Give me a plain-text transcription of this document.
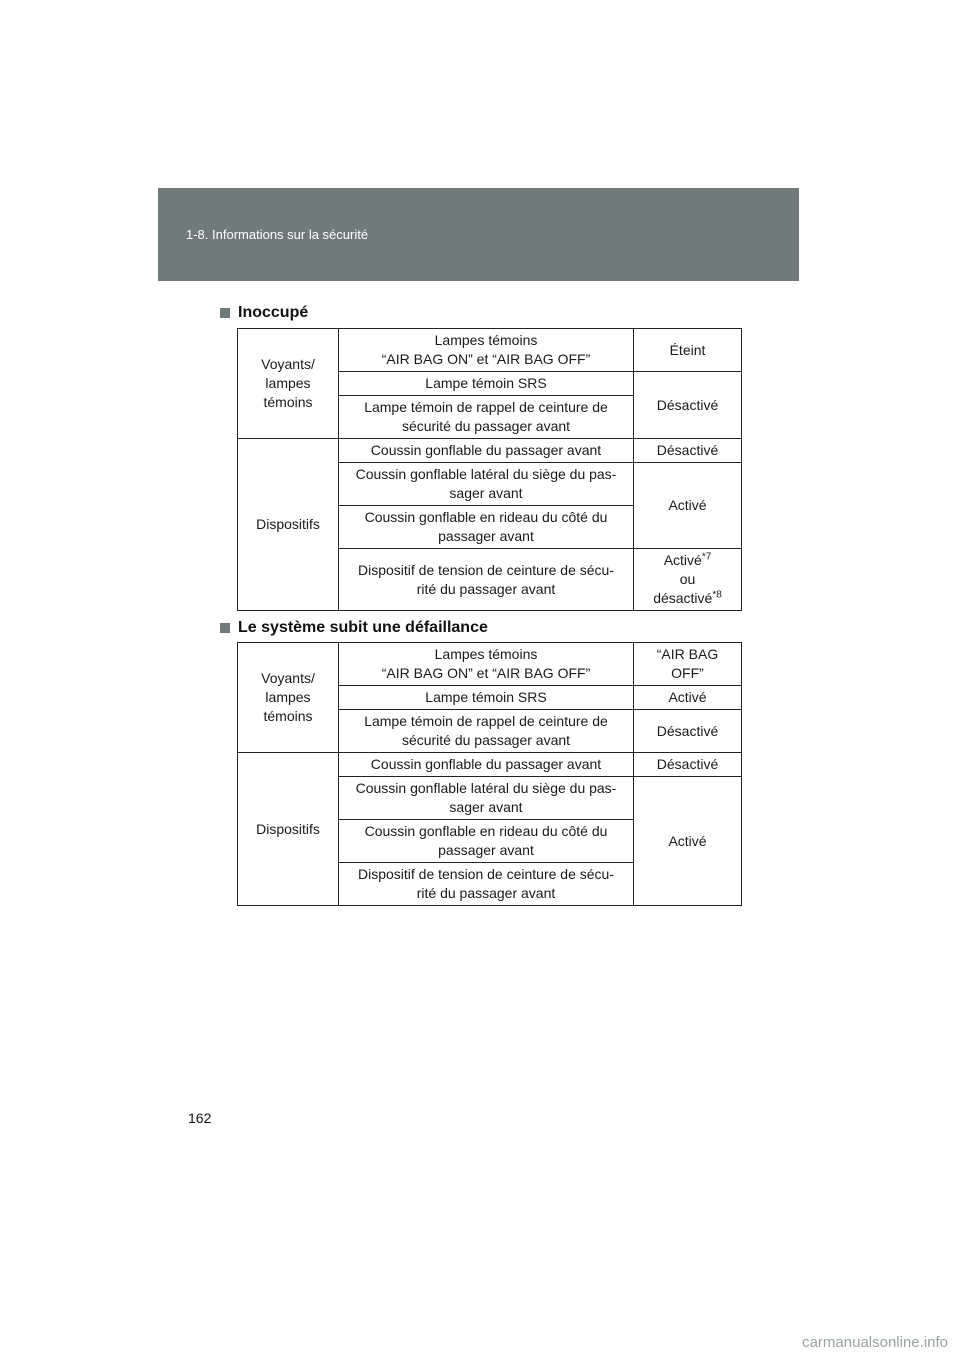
1-8. Informations sur la sécurité
Inoccupé
Voyants/
lampes
témoins	Lampes témoins
“AIR BAG ON” et “AIR BAG OFF”	Éteint
	Lampe témoin SRS	Désactivé
	Lampe témoin de rappel de ceinture de
sécurité du passager avant	
Dispositifs	Coussin gonflable du passager avant	Désactivé
	Coussin gonflable latéral du siège du pas-
sager avant	Activé
	Coussin gonflable en rideau du côté du
passager avant	
	Dispositif de tension de ceinture de sécu-
rité du passager avant	Activé$^{*7}$
ou
désactivé$^{*8}$
Le système subit une défaillance
Voyants/
lampes
témoins	Lampes témoins
“AIR BAG ON” et “AIR BAG OFF”	“AIR BAG
OFF”
	Lampe témoin SRS	Activé
	Lampe témoin de rappel de ceinture de
sécurité du passager avant	Désactivé
Dispositifs	Coussin gonflable du passager avant	Désactivé
	Coussin gonflable latéral du siège du pas-
sager avant	Activé
	Coussin gonflable en rideau du côté du
passager avant	
	Dispositif de tension de ceinture de sécu-
rité du passager avant	
162
carmanualsonline.info
